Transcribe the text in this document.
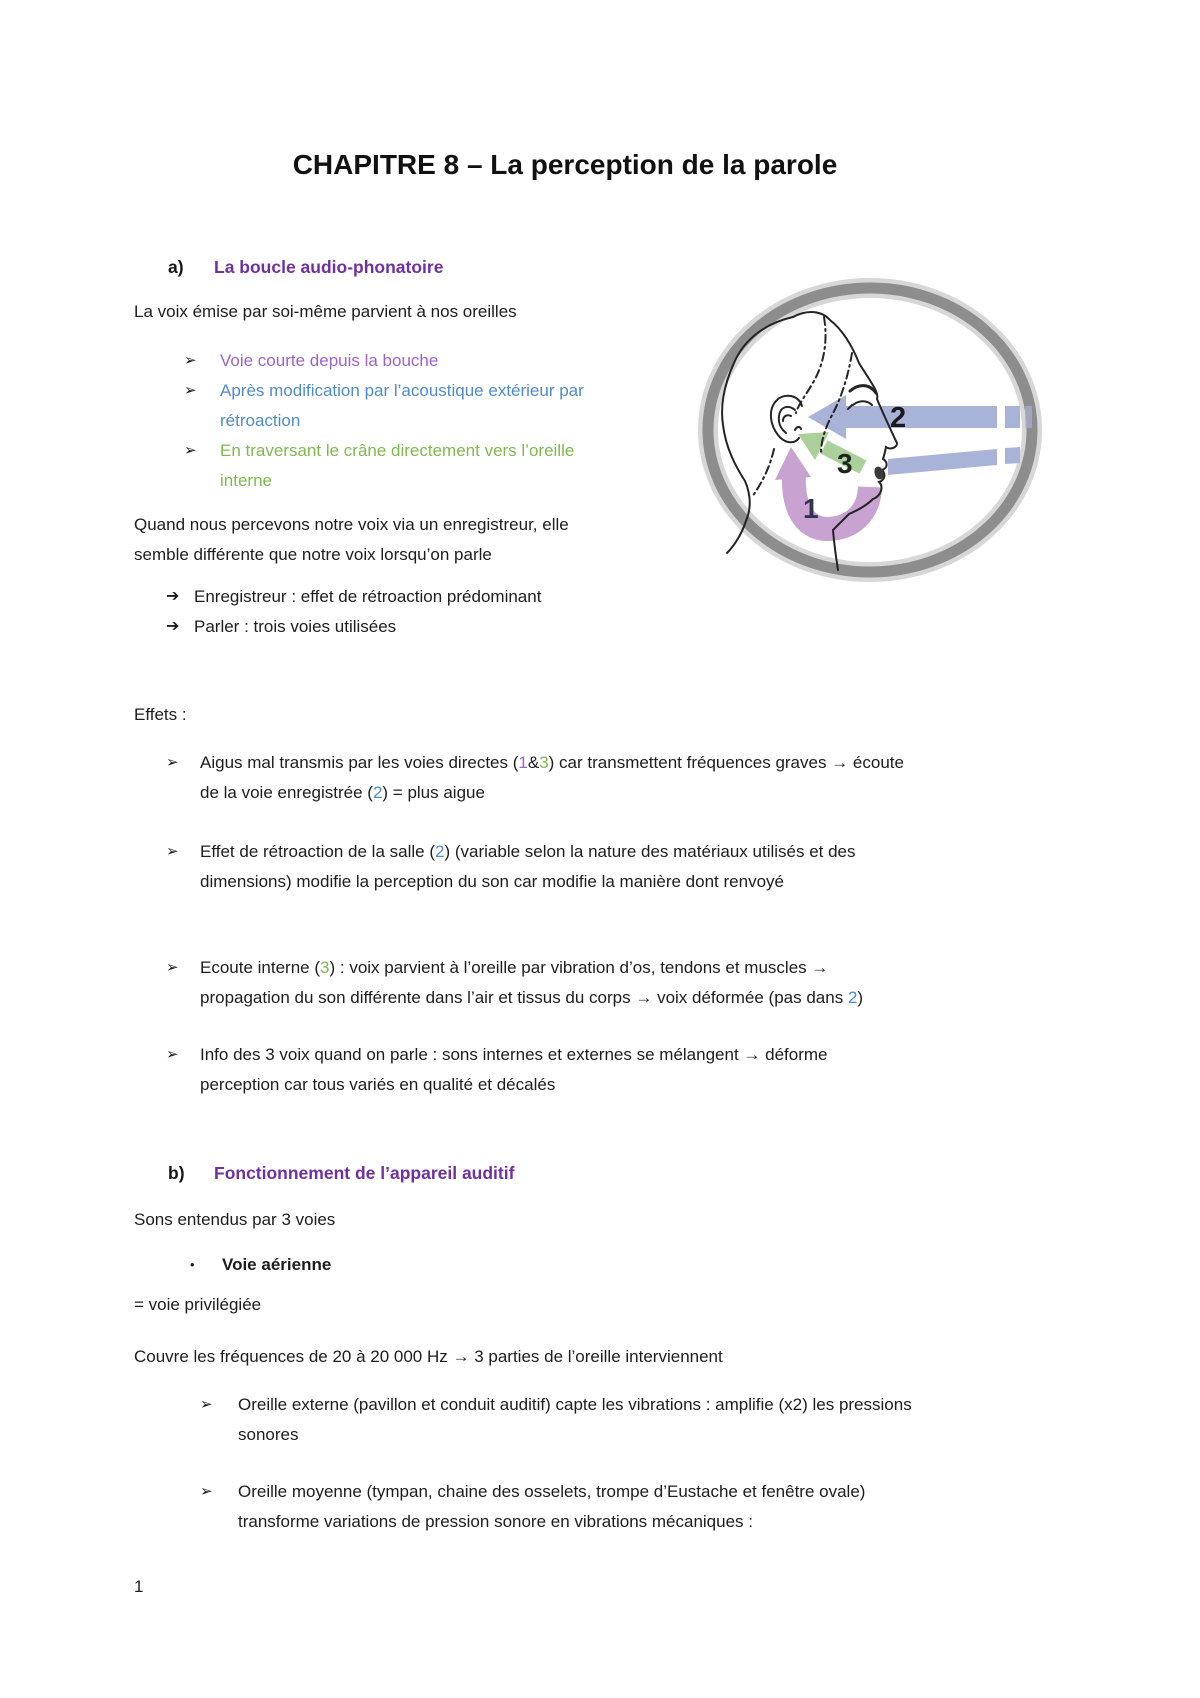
CHAPITRE 8 – La perception de la parole
a) La boucle audio-phonatoire
La voix émise par soi-même parvient à nos oreilles
➢	Voie courte depuis la bouche
➢	Après modification par l’acoustique extérieur par
rétroaction
➢	En traversant le crâne directement vers l’oreille
interne
Quand nous percevons notre voix via un enregistreur, elle
semble différente que notre voix lorsqu’on parle
➔ Enregistreur : effet de rétroaction prédominant
➔ Parler : trois voies utilisées
Effets :
➢	Aigus mal transmis par les voies directes (1&3) car transmettent fréquences graves → écoute
de la voie enregistrée (2) = plus aigue
➢	Effet de rétroaction de la salle (2) (variable selon la nature des matériaux utilisés et des
dimensions) modifie la perception du son car modifie la manière dont renvoyé
➢	Ecoute interne (3) : voix parvient à l’oreille par vibration d’os, tendons et muscles →
propagation du son différente dans l’air et tissus du corps → voix déformée (pas dans 2)
➢	Info des 3 voix quand on parle : sons internes et externes se mélangent → déforme
perception car tous variés en qualité et décalés
2
3
1
b) Fonctionnement de l’appareil auditif
Sons entendus par 3 voies
•	Voie aérienne
= voie privilégiée
Couvre les fréquences de 20 à 20 000 Hz → 3 parties de l’oreille interviennent
➢	Oreille externe (pavillon et conduit auditif) capte les vibrations : amplifie (x2) les pressions
sonores
➢	Oreille moyenne (tympan, chaine des osselets, trompe d’Eustache et fenêtre ovale)
transforme variations de pression sonore en vibrations mécaniques :
1
